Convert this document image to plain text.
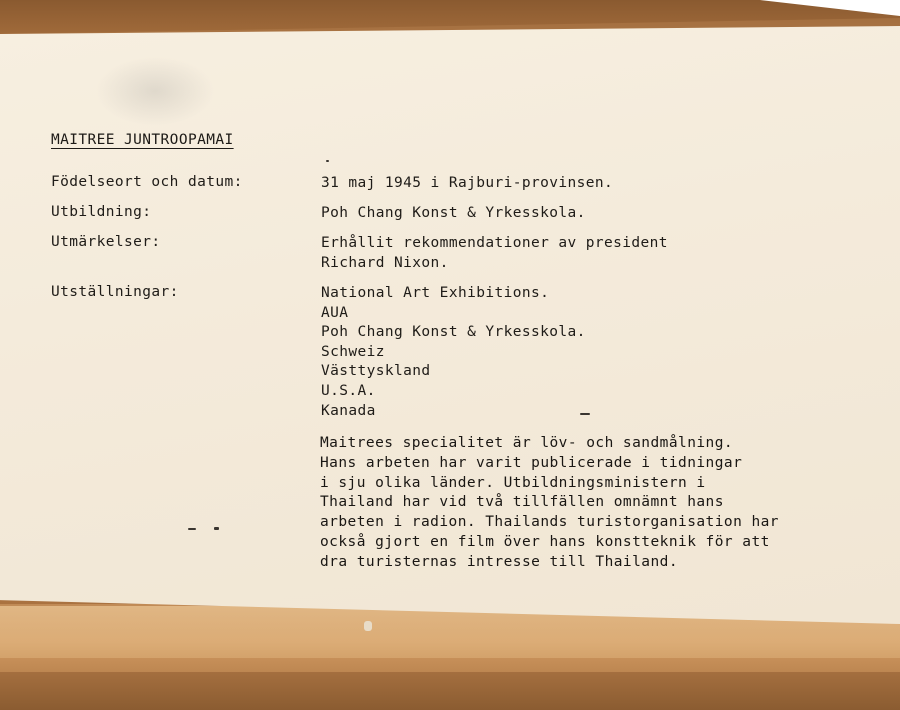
MAITREE JUNTROOPAMAI
Födelseort och datum:	31 maj 1945 i Rajburi-provinsen.
Utbildning:	Poh Chang Konst & Yrkesskola.
Utmärkelser:	Erhållit rekommendationer av president
Richard Nixon.
Utställningar:	National Art Exhibitions.
AUA
Poh Chang Konst & Yrkesskola.
Schweiz
Västtyskland
U.S.A.
Kanada
Maitrees specialitet är löv- och sandmålning.
Hans arbeten har varit publicerade i tidningar
i sju olika länder. Utbildningsministern i
Thailand har vid två tillfällen omnämnt hans
arbeten i radion. Thailands turistorganisation har
också gjort en film över hans konstteknik för att
dra turisternas intresse till Thailand.
